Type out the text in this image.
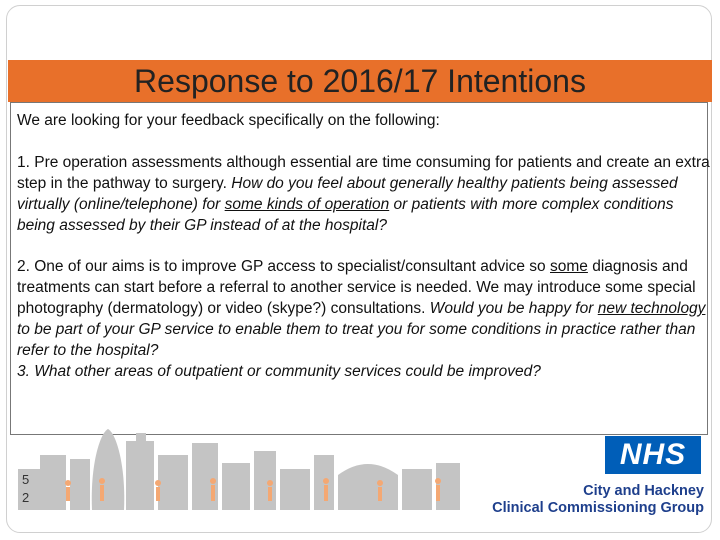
Response to 2016/17 Intentions

We are looking for your feedback specifically on the following:

1. Pre operation assessments although essential are time consuming for patients and create an extra step in the pathway to surgery. How do you feel about generally healthy patients being assessed virtually (online/telephone) for some kinds of operation or patients with more complex conditions being assessed by their GP instead of at the hospital?

2. One of our aims is to improve GP access to specialist/consultant advice so some diagnosis and treatments can start before a referral to another service is needed. We may introduce some special photography (dermatology) or video (skype?) consultations. Would you be happy for new technology to be part of your GP service to enable them to treat you for some conditions in practice rather than refer to the hospital?

3. What other areas of outpatient or community services could be improved?

5
2
NHS
City and Hackney
Clinical Commissioning Group
